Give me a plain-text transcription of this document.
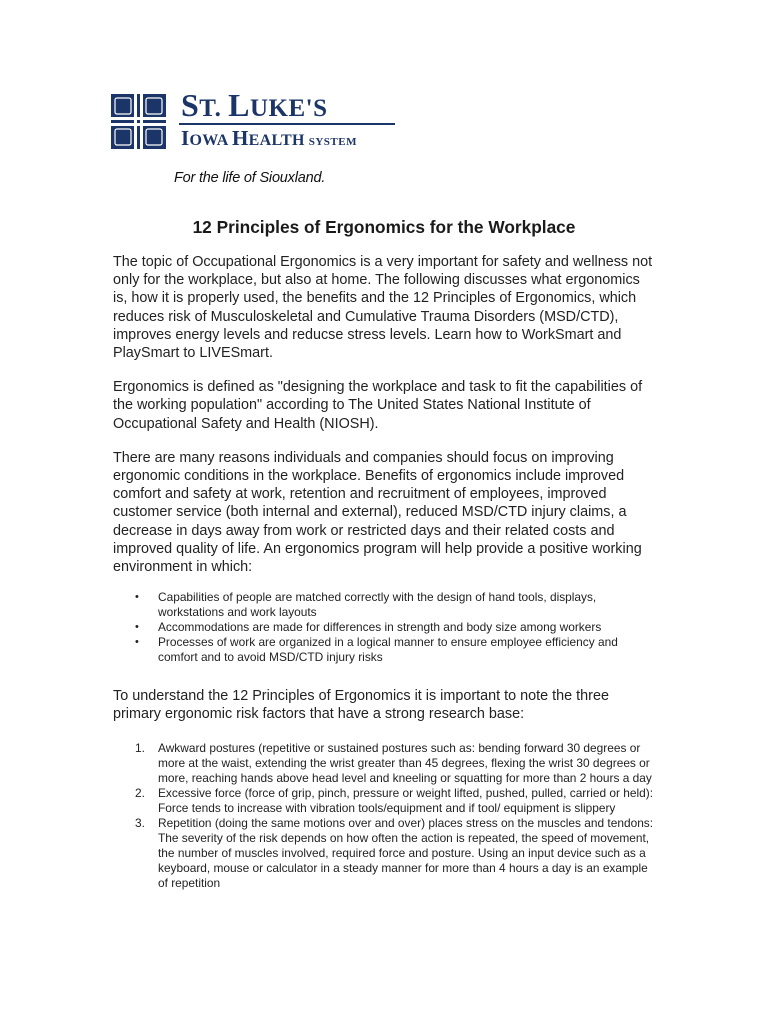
ST. LUKE'S
IOWA HEALTH SYSTEM
For the life of Siouxland.
12 Principles of Ergonomics for the Workplace

The topic of Occupational Ergonomics is a very important for safety and wellness not only for the workplace, but also at home. The following discusses what ergonomics is, how it is properly used, the benefits and the 12 Principles of Ergonomics, which reduces risk of Musculoskeletal and Cumulative Trauma Disorders (MSD/CTD), improves energy levels and reducse stress levels. Learn how to WorkSmart and PlaySmart to LIVESmart.

Ergonomics is defined as "designing the workplace and task to fit the capabilities of the working population" according to The United States National Institute of Occupational Safety and Health (NIOSH).

There are many reasons individuals and companies should focus on improving ergonomic conditions in the workplace. Benefits of ergonomics include improved comfort and safety at work, retention and recruitment of employees, improved customer service (both internal and external), reduced MSD/CTD injury claims, a decrease in days away from work or restricted days and their related costs and improved quality of life. An ergonomics program will help provide a positive working environment in which:

• Capabilities of people are matched correctly with the design of hand tools, displays, workstations and work layouts
• Accommodations are made for differences in strength and body size among workers
• Processes of work are organized in a logical manner to ensure employee efficiency and comfort and to avoid MSD/CTD injury risks

To understand the 12 Principles of Ergonomics it is important to note the three primary ergonomic risk factors that have a strong research base:

1. Awkward postures (repetitive or sustained postures such as: bending forward 30 degrees or more at the waist, extending the wrist greater than 45 degrees, flexing the wrist 30 degrees or more, reaching hands above head level and kneeling or squatting for more than 2 hours a day
2. Excessive force (force of grip, pinch, pressure or weight lifted, pushed, pulled, carried or held): Force tends to increase with vibration tools/equipment and if tool/ equipment is slippery
3. Repetition (doing the same motions over and over) places stress on the muscles and tendons: The severity of the risk depends on how often the action is repeated, the speed of movement, the number of muscles involved, required force and posture. Using an input device such as a keyboard, mouse or calculator in a steady manner for more than 4 hours a day is an example of repetition
